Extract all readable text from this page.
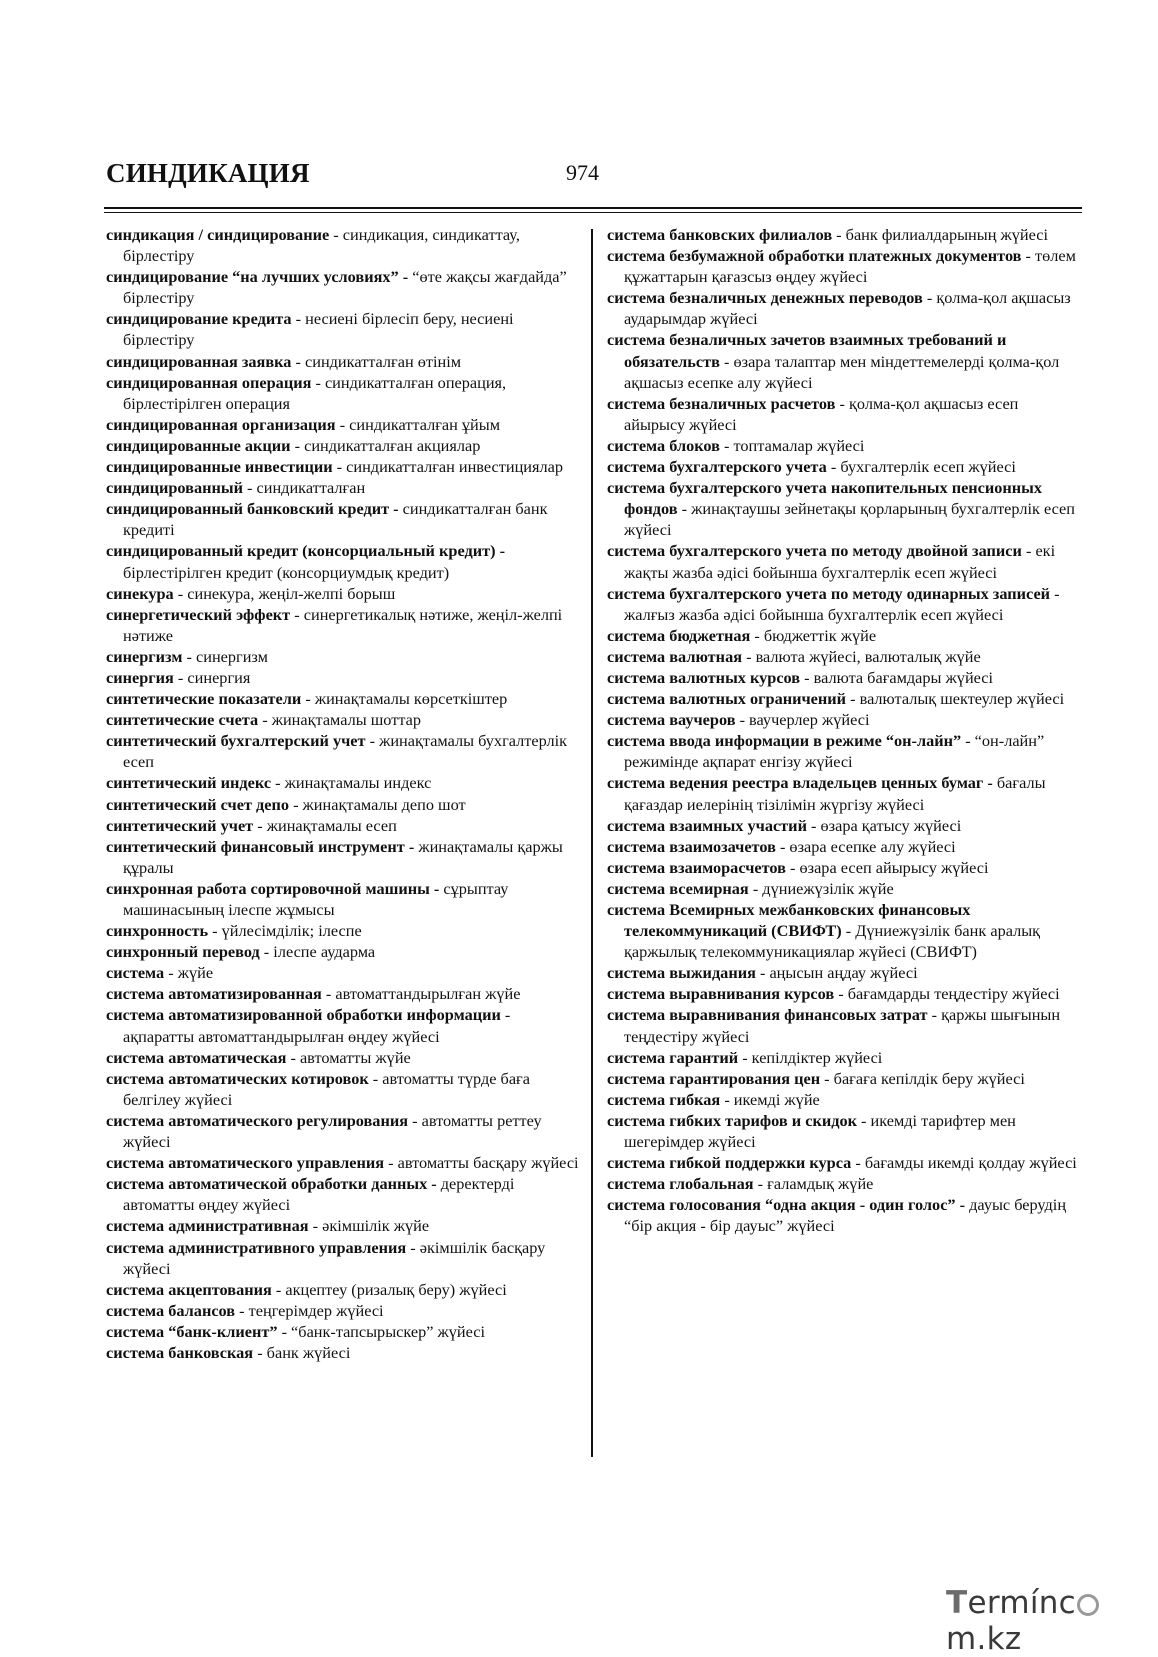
СИНДИКАЦИЯ	974

синдикация / синдицирование - синдикация, синдикаттау, бірлестіру

синдицирование “на лучших условиях” - “өте жақсы жағдайда” бірлестіру

синдицирование кредита - несиені бірлесіп беру, несиені бірлестіру

синдицированная заявка - синдикатталған өтінім

синдицированная операция - синдикатталған операция, бірлестірілген операция

синдицированная организация - синдикатталған ұйым

синдицированные акции - синдикатталған акциялар

синдицированные инвестиции - синдикатталған инвестициялар

синдицированный - синдикатталған

синдицированный банковский кредит - синдикатталған банк кредиті

синдицированный кредит (консорциальный кредит) - бірлестірілген кредит (консорциумдық кредит)

синекура - синекура, жеңіл-желпі борыш

синергетический эффект - синергетикалық нәтиже, жеңіл-желпі нәтиже

синергизм - синергизм

синергия - синергия

синтетические показатели - жинақтамалы көрсеткіштер

синтетические счета - жинақтамалы шоттар

синтетический бухгалтерский учет - жинақтамалы бухгалтерлік есеп

синтетический индекс - жинақтамалы индекс

синтетический счет депо - жинақтамалы депо шот

синтетический учет - жинақтамалы есеп

синтетический финансовый инструмент - жинақтамалы қаржы құралы

синхронная работа сортировочной машины - сұрыптау машинасының ілеспе жұмысы

синхронность - үйлесімділік; ілеспе

синхронный перевод - ілеспе аударма

система - жүйе

система автоматизированная - автоматтандырылған жүйе

система автоматизированной обработки информации - ақпаратты автоматтандырылған өңдеу жүйесі

система автоматическая - автоматты жүйе

система автоматических котировок - автоматты түрде баға белгілеу жүйесі

система автоматического регулирования - автоматты реттеу жүйесі

система автоматического управления - автоматты басқару жүйесі

система автоматической обработки данных - деректерді автоматты өңдеу жүйесі

система административная - әкімшілік жүйе

система административного управления - әкімшілік басқару жүйесі

система акцептования - акцептеу (ризалық беру) жүйесі

система балансов - теңгерімдер жүйесі

система “банк-клиент” - “банк-тапсырыскер” жүйесі

система банковская - банк жүйесі

система банковских филиалов - банк филиалдарының жүйесі

система безбумажной обработки платежных документов - төлем құжаттарын қағазсыз өңдеу жүйесі

система безналичных денежных переводов - қолма-қол ақшасыз аударымдар жүйесі

система безналичных зачетов взаимных требований и обязательств - өзара талаптар мен міндеттемелерді қолма-қол ақшасыз есепке алу жүйесі

система безналичных расчетов - қолма-қол ақшасыз есеп айырысу жүйесі

система блоков - топтамалар жүйесі

система бухгалтерского учета - бухгалтерлік есеп жүйесі

система бухгалтерского учета накопительных пенсионных фондов - жинақтаушы зейнетақы қорларының бухгалтерлік есеп жүйесі

система бухгалтерского учета по методу двойной записи - екі жақты жазба әдісі бойынша бухгалтерлік есеп жүйесі

система бухгалтерского учета по методу одинарных записей - жалғыз жазба әдісі бойынша бухгалтерлік есеп жүйесі

система бюджетная - бюджеттік жүйе

система валютная - валюта жүйесі, валюталық жүйе

система валютных курсов - валюта бағамдары жүйесі

система валютных ограничений - валюталық шектеулер жүйесі

система ваучеров - ваучерлер жүйесі

система ввода информации в режиме “он-лайн” - “он-лайн” режимінде ақпарат енгізу жүйесі

система ведения реестра владельцев ценных бумаг - бағалы қағаздар иелерінің тізілімін жүргізу жүйесі

система взаимных участий - өзара қатысу жүйесі

система взаимозачетов - өзара есепке алу жүйесі

система взаиморасчетов - өзара есеп айырысу жүйесі

система всемирная - дүниежүзілік жүйе

система Всемирных межбанковских финансовых телекоммуникаций (СВИФТ) - Дүниежүзілік банк аралық қаржылық телекоммуникациялар жүйесі (СВИФТ)

система выжидания - аңысын аңдау жүйесі

система выравнивания курсов - бағамдарды теңдестіру жүйесі

система выравнивания финансовых затрат - қаржы шығынын теңдестіру жүйесі

система гарантий - кепілдіктер жүйесі

система гарантирования цен - бағаға кепілдік беру жүйесі

система гибкая - икемді жүйе

система гибких тарифов и скидок - икемді тарифтер мен шегерімдер жүйесі

система гибкой поддержки курса - бағамды икемді қолдау жүйесі

система глобальная - ғаламдық жүйе

система голосования “одна акция - один голос” - дауыс берудің “бір акция - бір дауыс” жүйесі

Termíncm.kz
